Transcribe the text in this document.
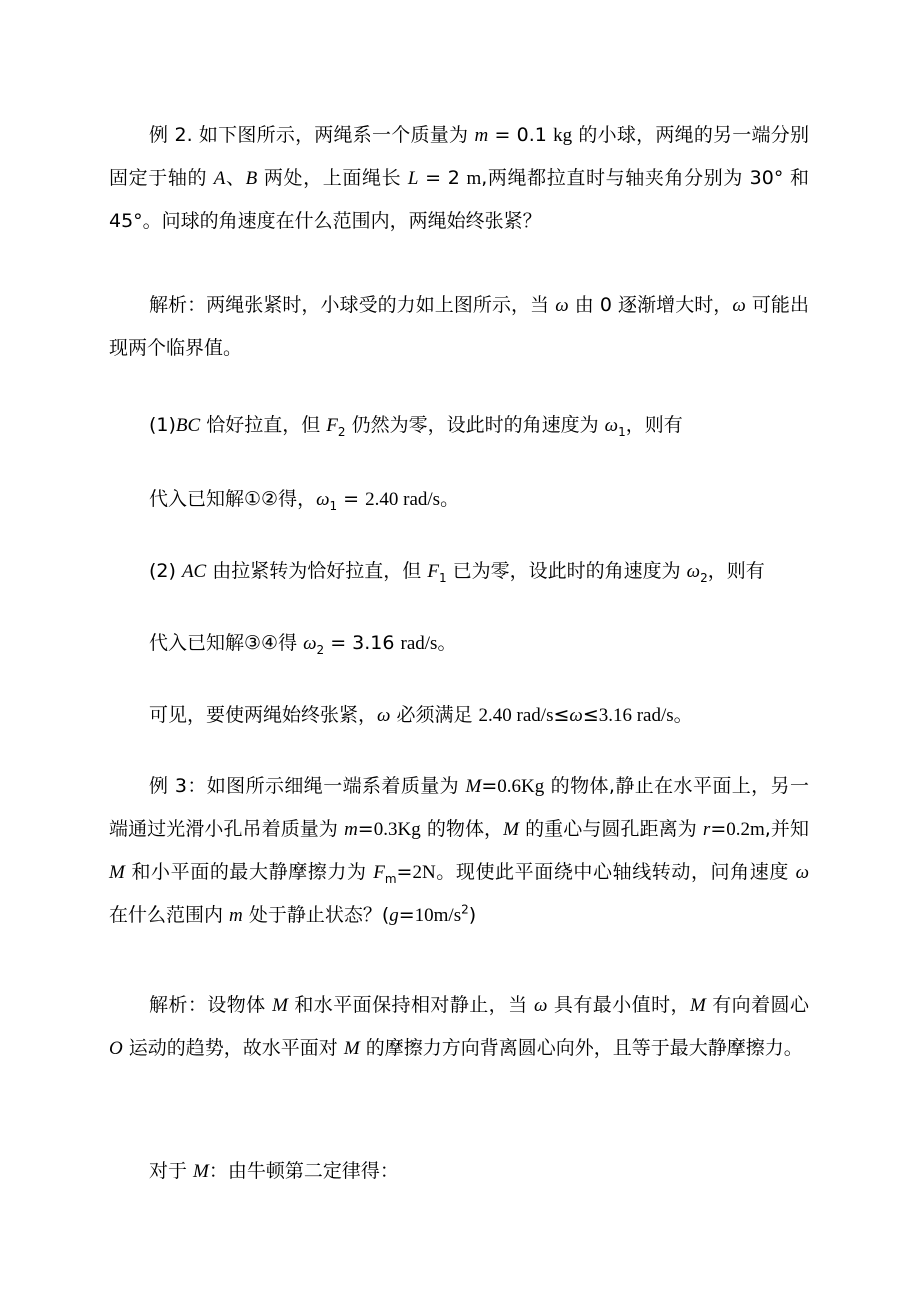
例 2. 如下图所示，两绳系一个质量为 m = 0.1 kg 的小球，两绳的另一端分别固定于轴的 A、B 两处，上面绳长 L = 2 m,两绳都拉直时与轴夹角分别为 30° 和 45°。问球的角速度在什么范围内，两绳始终张紧？

解析：两绳张紧时，小球受的力如上图所示，当 ω 由 0 逐渐增大时，ω 可能出现两个临界值。

(1)BC 恰好拉直，但 $F_2$ 仍然为零，设此时的角速度为 $\omega_1$，则有

代入已知解①②得，$\omega_1 = 2.40$ rad/s。

(2) AC 由拉紧转为恰好拉直，但 $F_1$ 已为零，设此时的角速度为 $\omega_2$，则有

代入已知解③④得 $\omega_2 = 3.16$ rad/s。

可见，要使两绳始终张紧，ω 必须满足 2.40 rad/s≤ω≤3.16 rad/s。

例 3：如图所示细绳一端系着质量为 M=0.6Kg 的物体,静止在水平面上，另一端通过光滑小孔吊着质量为 m=0.3Kg 的物体，M 的重心与圆孔距离为 r=0.2m,并知 M 和小平面的最大静摩擦力为 $F_m=2N$。现使此平面绕中心轴线转动，问角速度 ω 在什么范围内 m 处于静止状态？$(g=10m/s^2)$

解析：设物体 M 和水平面保持相对静止，当 ω 具有最小值时，M 有向着圆心 O 运动的趋势，故水平面对 M 的摩擦力方向背离圆心向外，且等于最大静摩擦力。

对于 M：由牛顿第二定律得：
